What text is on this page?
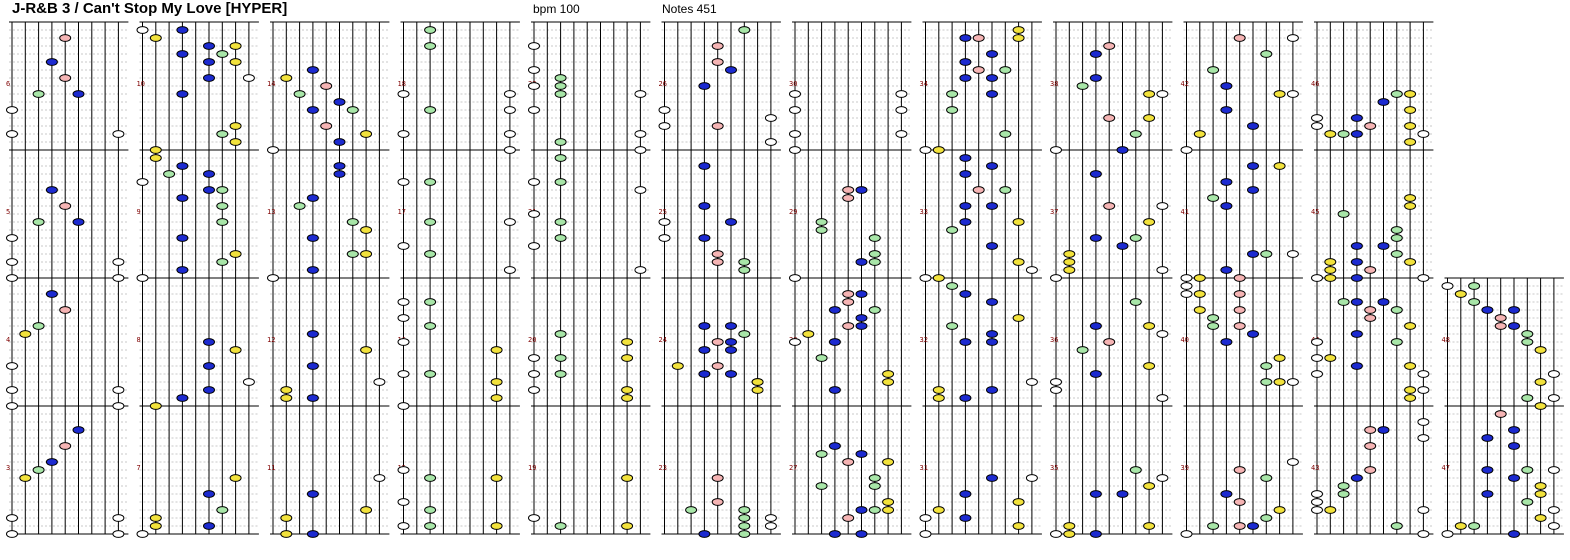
J-R&B 3 / Can't Stop My Love [HYPER]	bpm 100	Notes 451
3
4
5
6
7
8
9
10
11
12
13
14
17
18
19
20
23
24
25
26
27
29
30
31
32
33
34
35
36
37
38
39
40
41
42
43
45
46
47
48
